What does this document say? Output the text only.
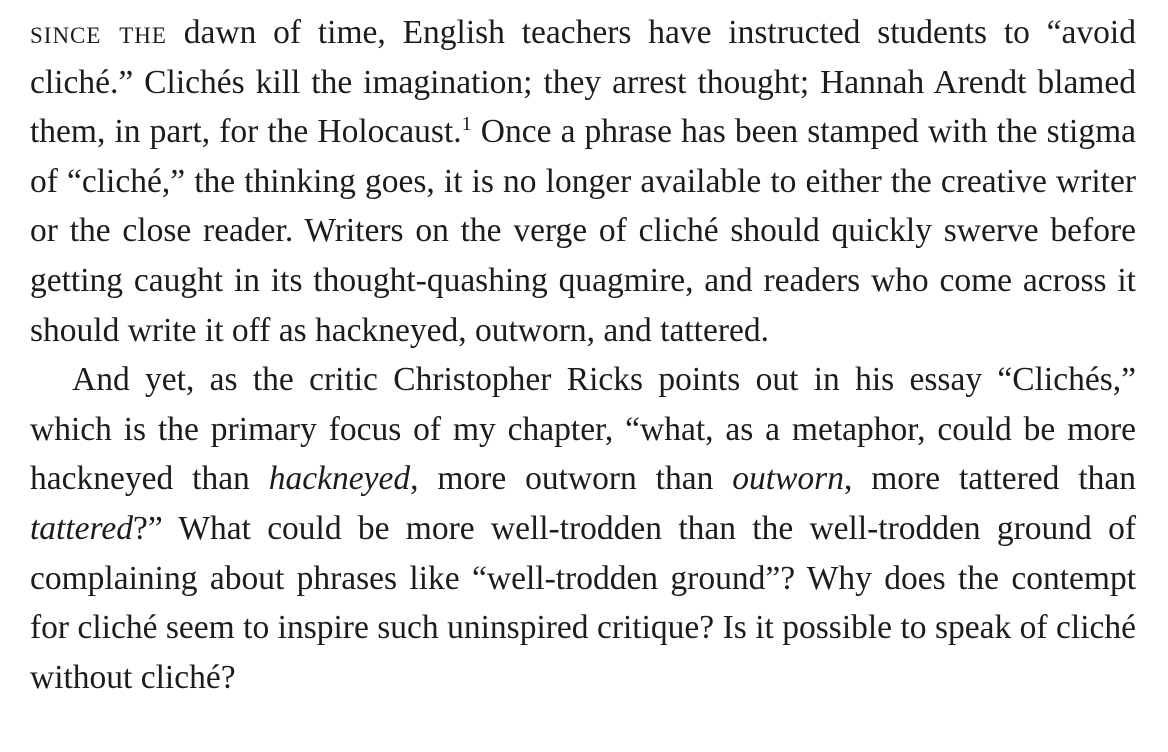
since the dawn of time, English teachers have instructed students to “avoid cliché.” Clichés kill the imagination; they arrest thought; Hannah Arendt blamed them, in part, for the Holocaust.$^1$ Once a phrase has been stamped with the stigma of “cliché,” the thinking goes, it is no longer available to either the creative writer or the close reader. Writers on the verge of cliché should quickly swerve before getting caught in its thought-quashing quagmire, and readers who come across it should write it off as hackneyed, outworn, and tattered.

And yet, as the critic Christopher Ricks points out in his essay “Clichés,” which is the primary focus of my chapter, “what, as a metaphor, could be more hackneyed than hackneyed, more outworn than outworn, more tattered than tattered?” What could be more well-trodden than the well-trodden ground of complaining about phrases like “well-trodden ground”? Why does the contempt for cliché seem to inspire such uninspired critique? Is it possible to speak of cliché without cliché?
